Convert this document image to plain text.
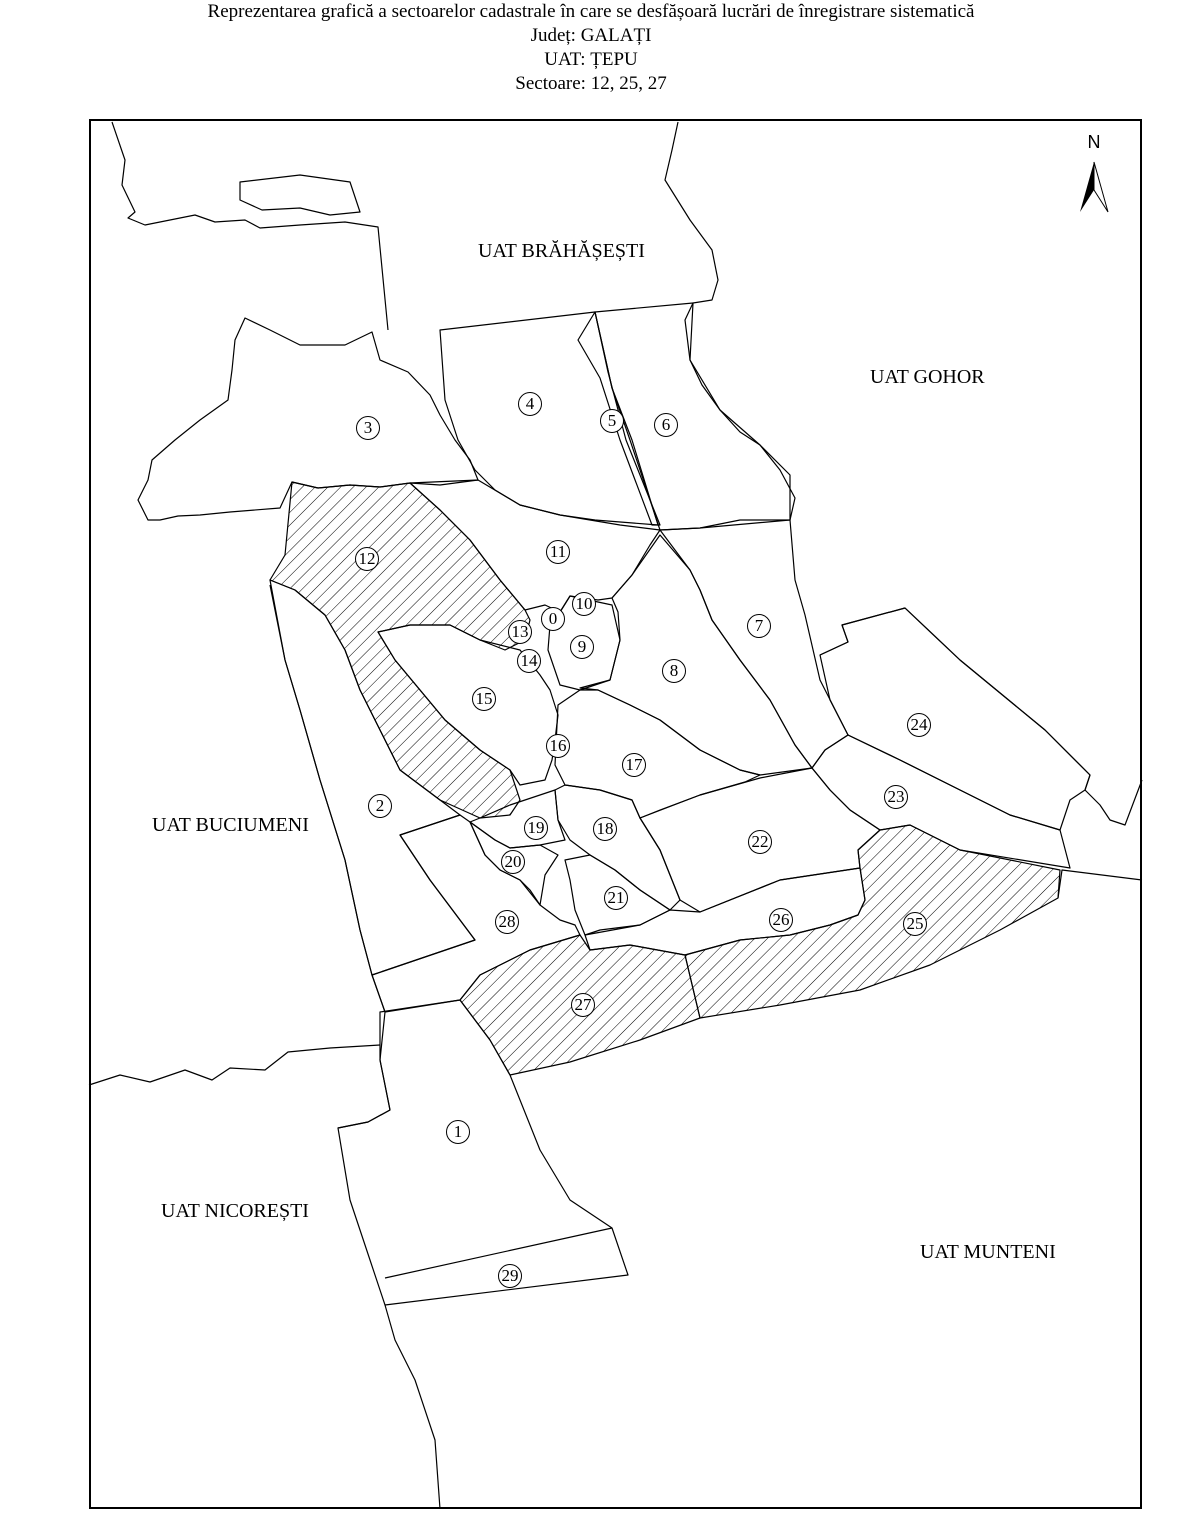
Reprezentarea grafică a sectoarelor cadastrale în care se desfășoară lucrări de înregistrare sistematică
Județ: GALAȚI
UAT: ȚEPU
Sectoare: 12, 25, 27
N
UAT BRĂHĂȘEȘTI
UAT GOHOR
UAT BUCIUMENI
UAT NICOREȘTI
UAT MUNTENI
0
1
2
3
4
5	6
7
8
9
10
11
12
13
14
15
16
17
18
19
20
21
22
23
24
25
26
27
28
29
